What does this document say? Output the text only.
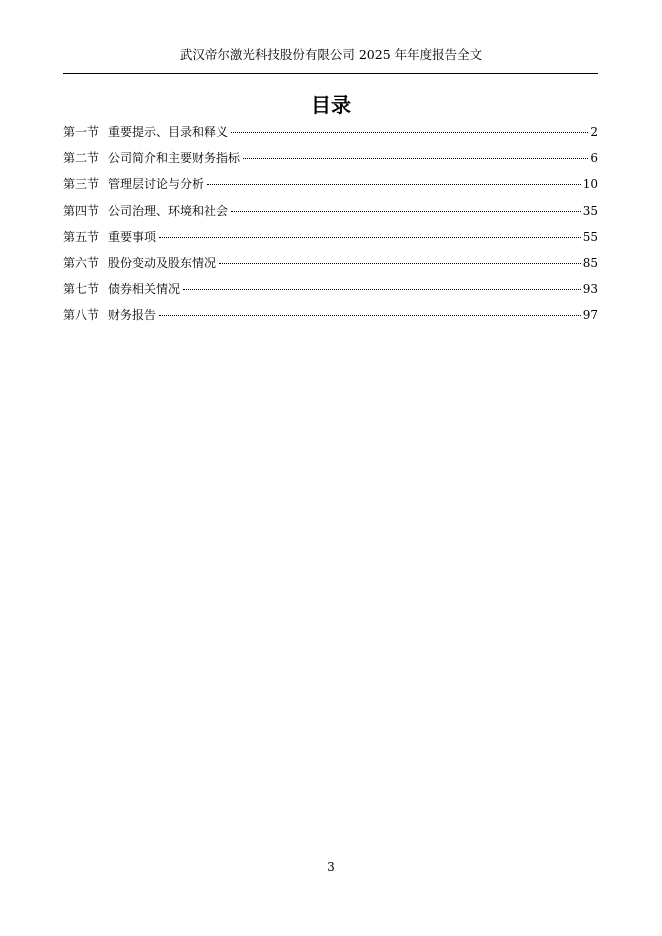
武汉帝尔激光科技股份有限公司 2025 年年度报告全文
目录
第一节 重要提示、目录和释义	2
第二节 公司简介和主要财务指标	6
第三节 管理层讨论与分析	10
第四节 公司治理、环境和社会	35
第五节 重要事项	55
第六节 股份变动及股东情况	85
第七节 债券相关情况	93
第八节 财务报告	97
3
